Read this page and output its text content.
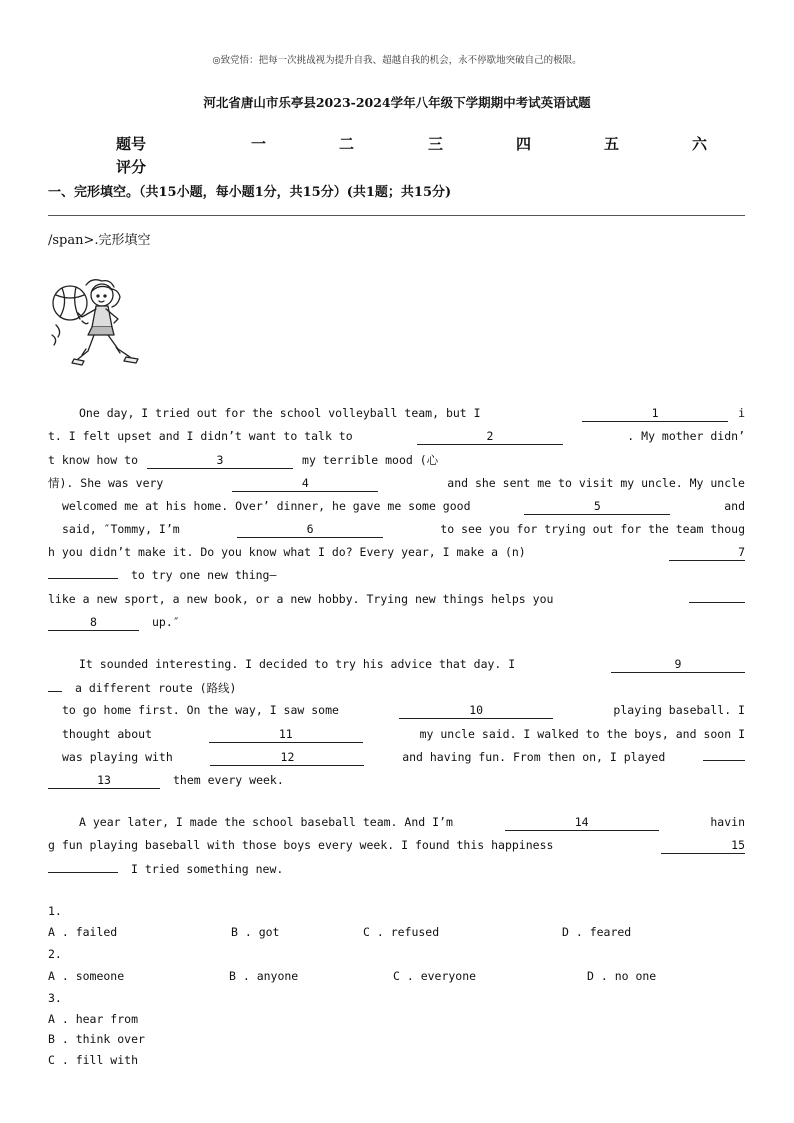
◎致党悟：把每一次挑战视为提升自我、超越自我的机会，永不停歇地突破自己的极限。
河北省唐山市乐亭县2023-2024学年八年级下学期期中考试英语试题
题号	一	二	三	四	五	六
评分
一、完形填空。（共15小题，每小题1分，共15分）(共1题；共15分)
/span>.完形填空
One day, I tried out for the school volleyball team, but I	1	i
t. I felt upset and I didn’t want to talk to	2	. My mother didn’
t know how to	3	my terrible mood (心
情). She was very	4	and she sent me to visit my uncle. My uncle
welcomed me at his home. Over’ dinner, he gave me some good	5	and
said, ″Tommy, I’m	6	to see you for trying out for the team thoug
h you didn’t make it. Do you know what I do? Every year, I make a (n)	7
to try one new thing—
like a new sport, a new book, or a new hobby. Trying new things helps you
8	up.″
It sounded interesting. I decided to try his advice that day. I	9
a different route (路线)
to go home first. On the way, I saw some	10	playing baseball. I
thought about	11	my uncle said. I walked to the boys, and soon I
was playing with	12	and having fun. From then on, I played
13	them every week.
A year later, I made the school baseball team. And I’m	14	havin
g fun playing baseball with those boys every week. I found this happiness	15
I tried something new.
1.
A . failed	B . got	C . refused	D . feared
2.
A . someone	B . anyone	C . everyone	D . no one
3.
A . hear from
B . think over
C . fill with
